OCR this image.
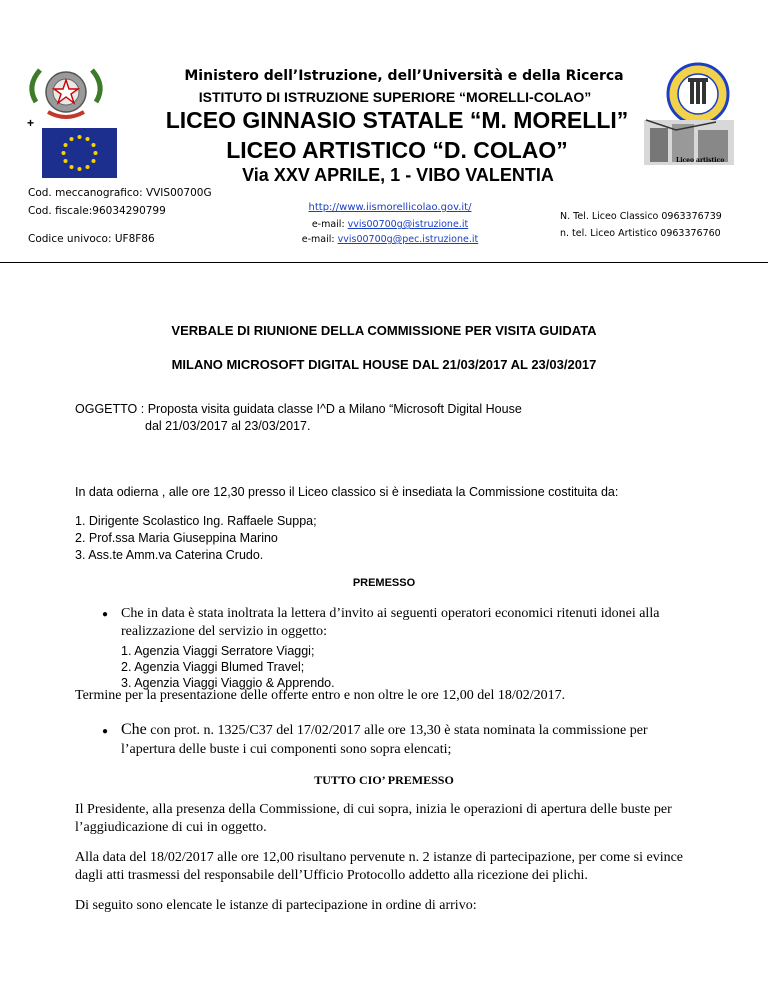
+
Liceo artistico
Ministero dell’Istruzione, dell’Università e della Ricerca
ISTITUTO DI ISTRUZIONE SUPERIORE “MORELLI-COLAO”
LICEO GINNASIO STATALE “M. MORELLI”
LICEO ARTISTICO “D. COLAO”
Via XXV APRILE, 1 - VIBO VALENTIA
Cod. meccanografico: VVIS00700G
Cod. fiscale:96034290799
Codice univoco: UF8F86
http://www.iismorellicolao.gov.it/
e-mail: vvis00700g@istruzione.it
e-mail: vvis00700g@pec.istruzione.it
N. Tel. Liceo Classico 0963376739
n. tel. Liceo Artistico 0963376760
VERBALE DI RIUNIONE DELLA COMMISSIONE PER VISITA GUIDATA
MILANO MICROSOFT DIGITAL HOUSE DAL 21/03/2017 AL 23/03/2017
OGGETTO : Proposta visita guidata classe I^D a Milano “Microsoft Digital House
dal 21/03/2017 al 23/03/2017.
In data odierna , alle ore 12,30 presso il Liceo classico si è insediata la Commissione costituita da:
1. Dirigente Scolastico Ing. Raffaele Suppa;
2. Prof.ssa Maria Giuseppina Marino
3. Ass.te Amm.va Caterina Crudo.
PREMESSO
● Che in data è stata inoltrata la lettera d’invito ai seguenti operatori economici ritenuti idonei alla
realizzazione del servizio in oggetto:
1. Agenzia Viaggi Serratore Viaggi;
2. Agenzia Viaggi Blumed Travel;
3. Agenzia Viaggi Viaggio & Apprendo.
Termine per la presentazione delle offerte entro e non oltre le ore 12,00 del 18/02/2017.
● Che con prot. n. 1325/C37 del 17/02/2017 alle ore 13,30 è stata nominata la commissione per
l’apertura delle buste i cui componenti sono sopra elencati;
TUTTO CIO’ PREMESSO
Il Presidente, alla presenza della Commissione, di cui sopra, inizia le operazioni di apertura delle buste per
l’aggiudicazione di cui in oggetto.
Alla data del 18/02/2017 alle ore 12,00 risultano pervenute n. 2 istanze di partecipazione, per come si evince
dagli atti trasmessi del responsabile dell’Ufficio Protocollo addetto alla ricezione dei plichi.
Di seguito sono elencate le istanze di partecipazione in ordine di arrivo:
